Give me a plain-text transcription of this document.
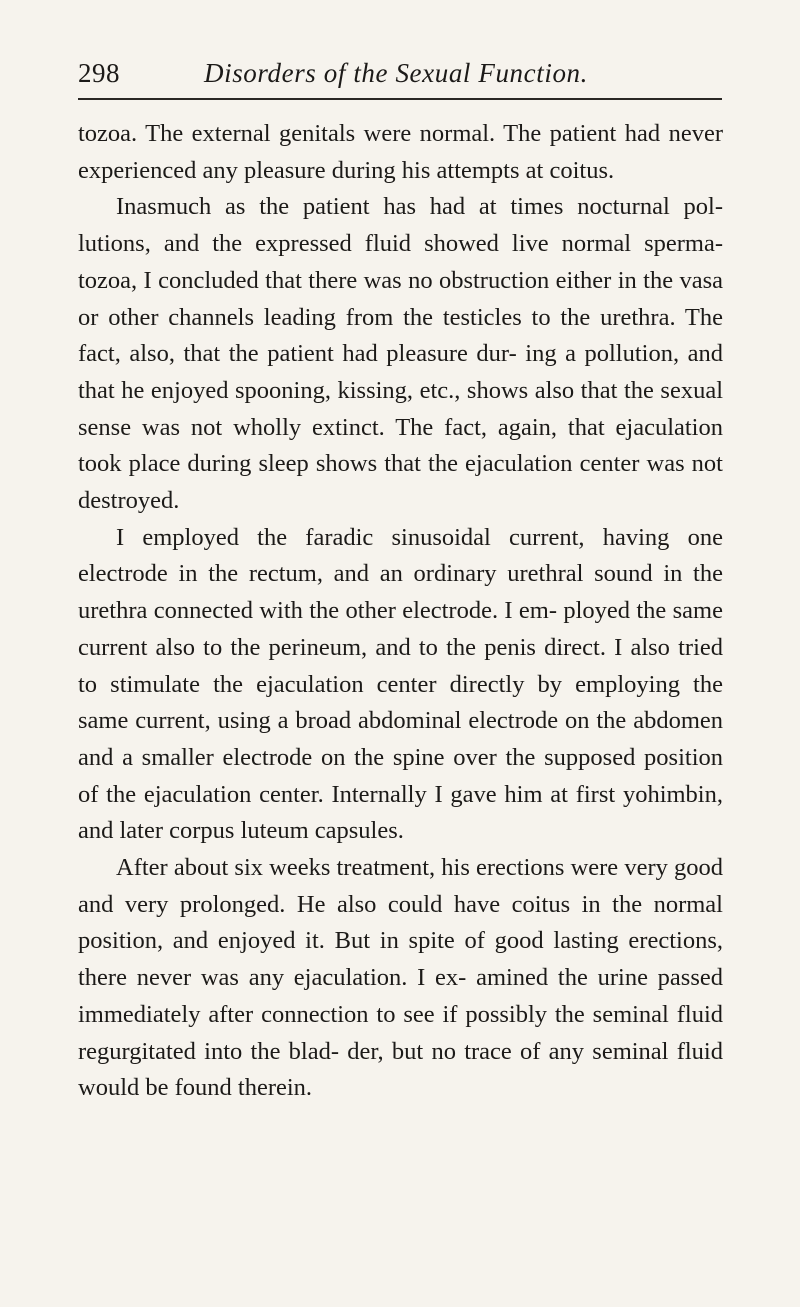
298	Disorders of the Sexual Function.

tozoa. The external genitals were normal. The patient had never experienced any pleasure during his attempts at coitus.

Inasmuch as the patient has had at times nocturnal pol- lutions, and the expressed fluid showed live normal sperma- tozoa, I concluded that there was no obstruction either in the vasa or other channels leading from the testicles to the urethra. The fact, also, that the patient had pleasure dur- ing a pollution, and that he enjoyed spooning, kissing, etc., shows also that the sexual sense was not wholly extinct. The fact, again, that ejaculation took place during sleep shows that the ejaculation center was not destroyed.

I employed the faradic sinusoidal current, having one electrode in the rectum, and an ordinary urethral sound in the urethra connected with the other electrode. I em- ployed the same current also to the perineum, and to the penis direct. I also tried to stimulate the ejaculation center directly by employing the same current, using a broad abdominal electrode on the abdomen and a smaller electrode on the spine over the supposed position of the ejaculation center. Internally I gave him at first yohimbin, and later corpus luteum capsules.

After about six weeks treatment, his erections were very good and very prolonged. He also could have coitus in the normal position, and enjoyed it. But in spite of good lasting erections, there never was any ejaculation. I ex- amined the urine passed immediately after connection to see if possibly the seminal fluid regurgitated into the blad- der, but no trace of any seminal fluid would be found therein.
